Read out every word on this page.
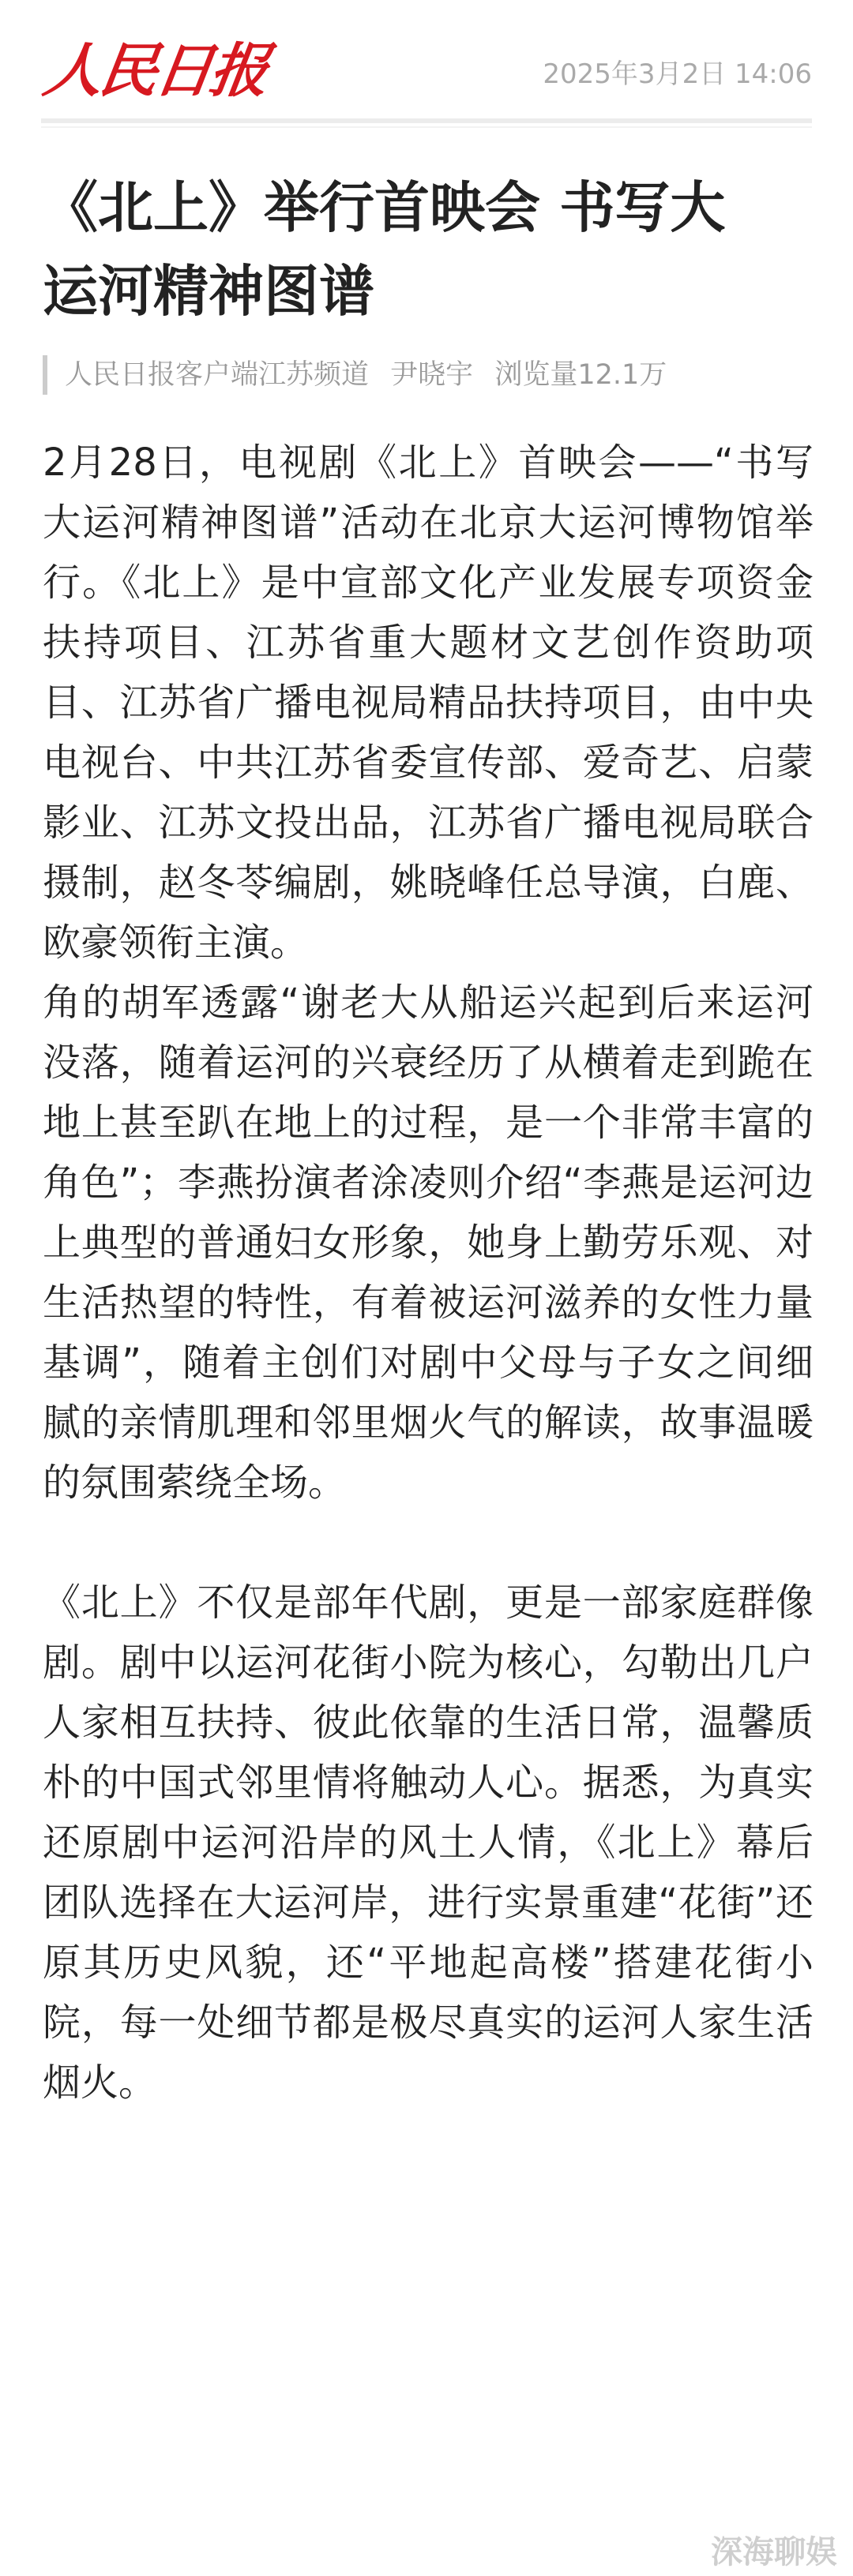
人民日报	2025年3月2日 14:06
《北上》举行首映会 书写大
运河精神图谱
人民日报客户端江苏频道 尹晓宇 浏览量12.1万

2月28日，电视剧《北上》首映会——“书写大运河精神图谱”活动在北京大运河博物馆举行。《北上》是中宣部文化产业发展专项资金扶持项目、江苏省重大题材文艺创作资助项目、江苏省广播电视局精品扶持项目，由中央电视台、中共江苏省委宣传部、爱奇艺、启蒙影业、江苏文投出品，江苏省广播电视局联合摄制，赵冬苓编剧，姚晓峰任总导演，白鹿、欧豪领衔主演。

角的胡军透露“谢老大从船运兴起到后来运河没落，随着运河的兴衰经历了从横着走到跪在地上甚至趴在地上的过程，是一个非常丰富的角色”；李燕扮演者涂凌则介绍“李燕是运河边上典型的普通妇女形象，她身上勤劳乐观、对生活热望的特性，有着被运河滋养的女性力量基调”，随着主创们对剧中父母与子女之间细腻的亲情肌理和邻里烟火气的解读，故事温暖的氛围萦绕全场。

《北上》不仅是部年代剧，更是一部家庭群像剧。剧中以运河花街小院为核心，勾勒出几户人家相互扶持、彼此依靠的生活日常，温馨质朴的中国式邻里情将触动人心。据悉，为真实还原剧中运河沿岸的风土人情，《北上》幕后团队选择在大运河岸，进行实景重建“花街”还原其历史风貌，还“平地起高楼”搭建花街小院，每一处细节都是极尽真实的运河人家生活烟火。

深海聊娱
